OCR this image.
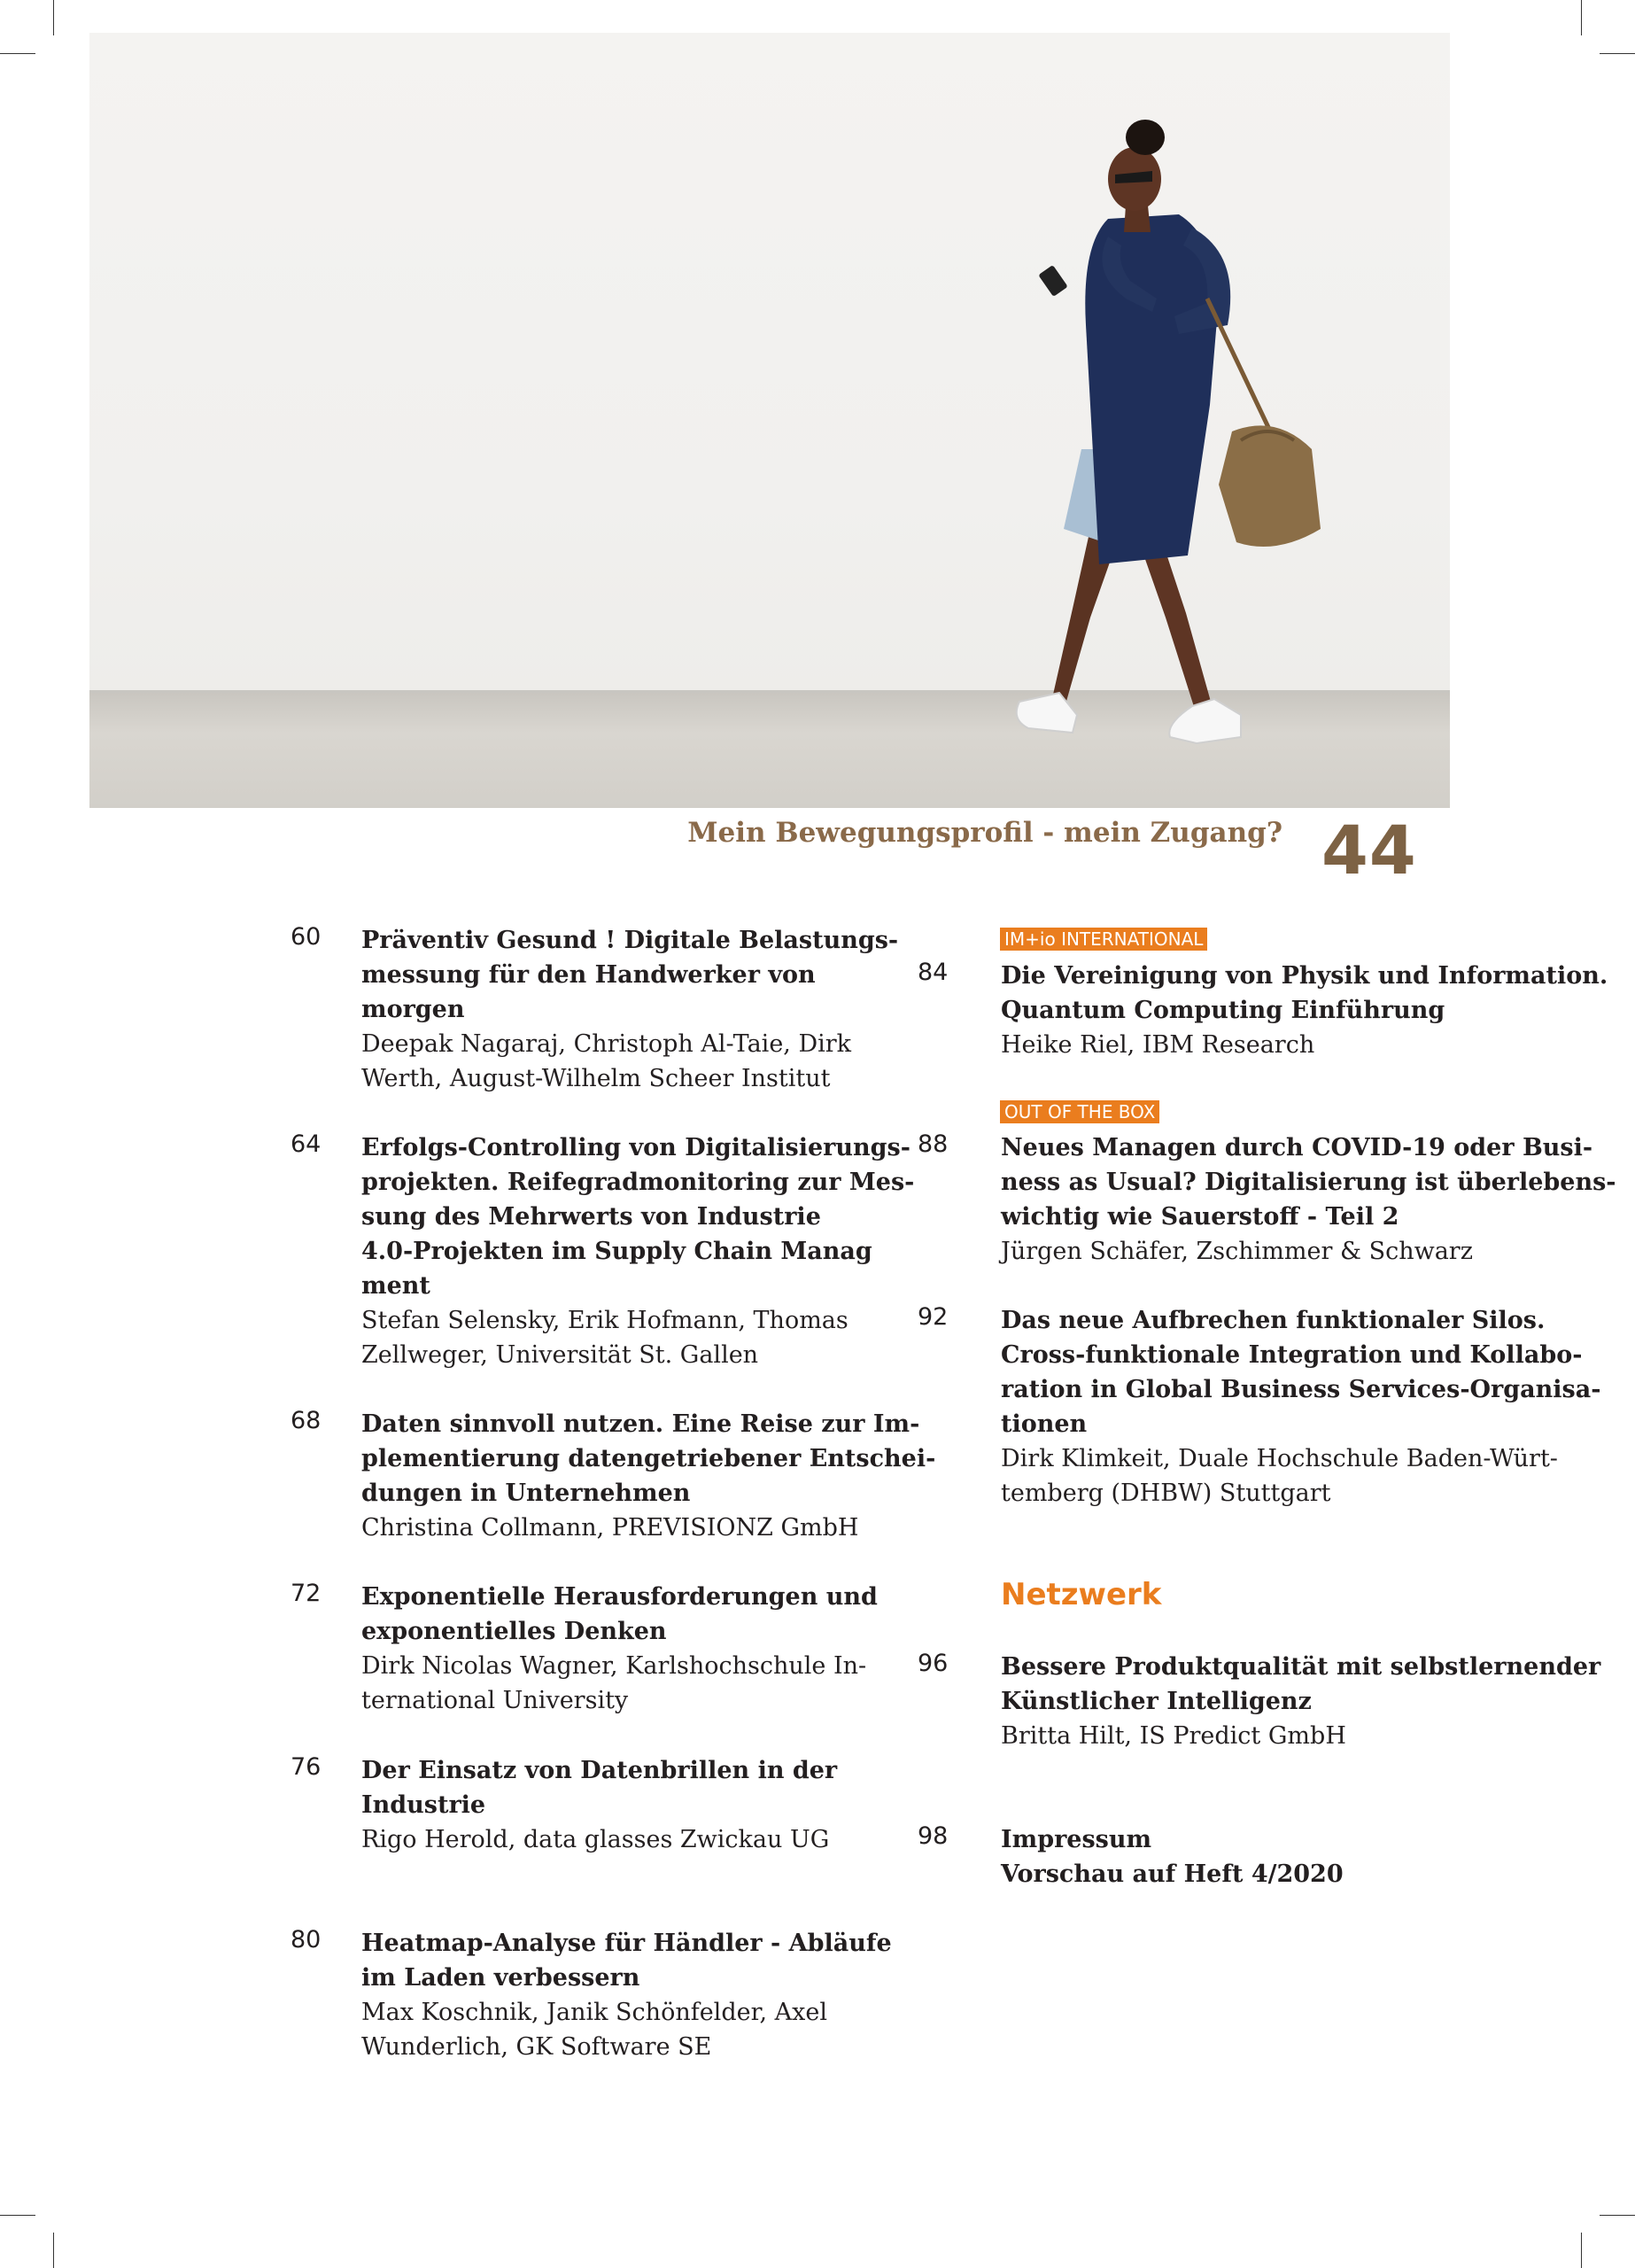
Mein Bewegungsprofil - mein Zugang? 44
60 Präventiv Gesund ! Digitale Belastungs-
messung für den Handwerker von
morgen
Deepak Nagaraj, Christoph Al-Taie, Dirk
Werth, August-Wilhelm Scheer Institut
64 Erfolgs-Controlling von Digitalisierungs-
projekten. Reifegradmonitoring zur Mes-
sung des Mehrwerts von Industrie
4.0-Projekten im Supply Chain Manag
ment
Stefan Selensky, Erik Hofmann, Thomas
Zellweger, Universität St. Gallen
68 Daten sinnvoll nutzen. Eine Reise zur Im-
plementierung datengetriebener Entschei-
dungen in Unternehmen
Christina Collmann, PREVISIONZ GmbH
72 Exponentielle Herausforderungen und
exponentielles Denken
Dirk Nicolas Wagner, Karlshochschule In-
ternational University
76 Der Einsatz von Datenbrillen in der
Industrie
Rigo Herold, data glasses Zwickau UG
80 Heatmap-Analyse für Händler - Abläufe
im Laden verbessern
Max Koschnik, Janik Schönfelder, Axel
Wunderlich, GK Software SE
IM+io INTERNATIONAL
84 Die Vereinigung von Physik und Information.
Quantum Computing Einführung
Heike Riel, IBM Research
OUT OF THE BOX
88 Neues Managen durch COVID-19 oder Busi-
ness as Usual? Digitalisierung ist überlebens-
wichtig wie Sauerstoff - Teil 2
Jürgen Schäfer, Zschimmer & Schwarz
92 Das neue Aufbrechen funktionaler Silos.
Cross-funktionale Integration und Kollabo-
ration in Global Business Services-Organisa-
tionen
Dirk Klimkeit, Duale Hochschule Baden-Würt-
temberg (DHBW) Stuttgart
Netzwerk
96 Bessere Produktqualität mit selbstlernender
Künstlicher Intelligenz
Britta Hilt, IS Predict GmbH
98 Impressum
Vorschau auf Heft 4/2020
